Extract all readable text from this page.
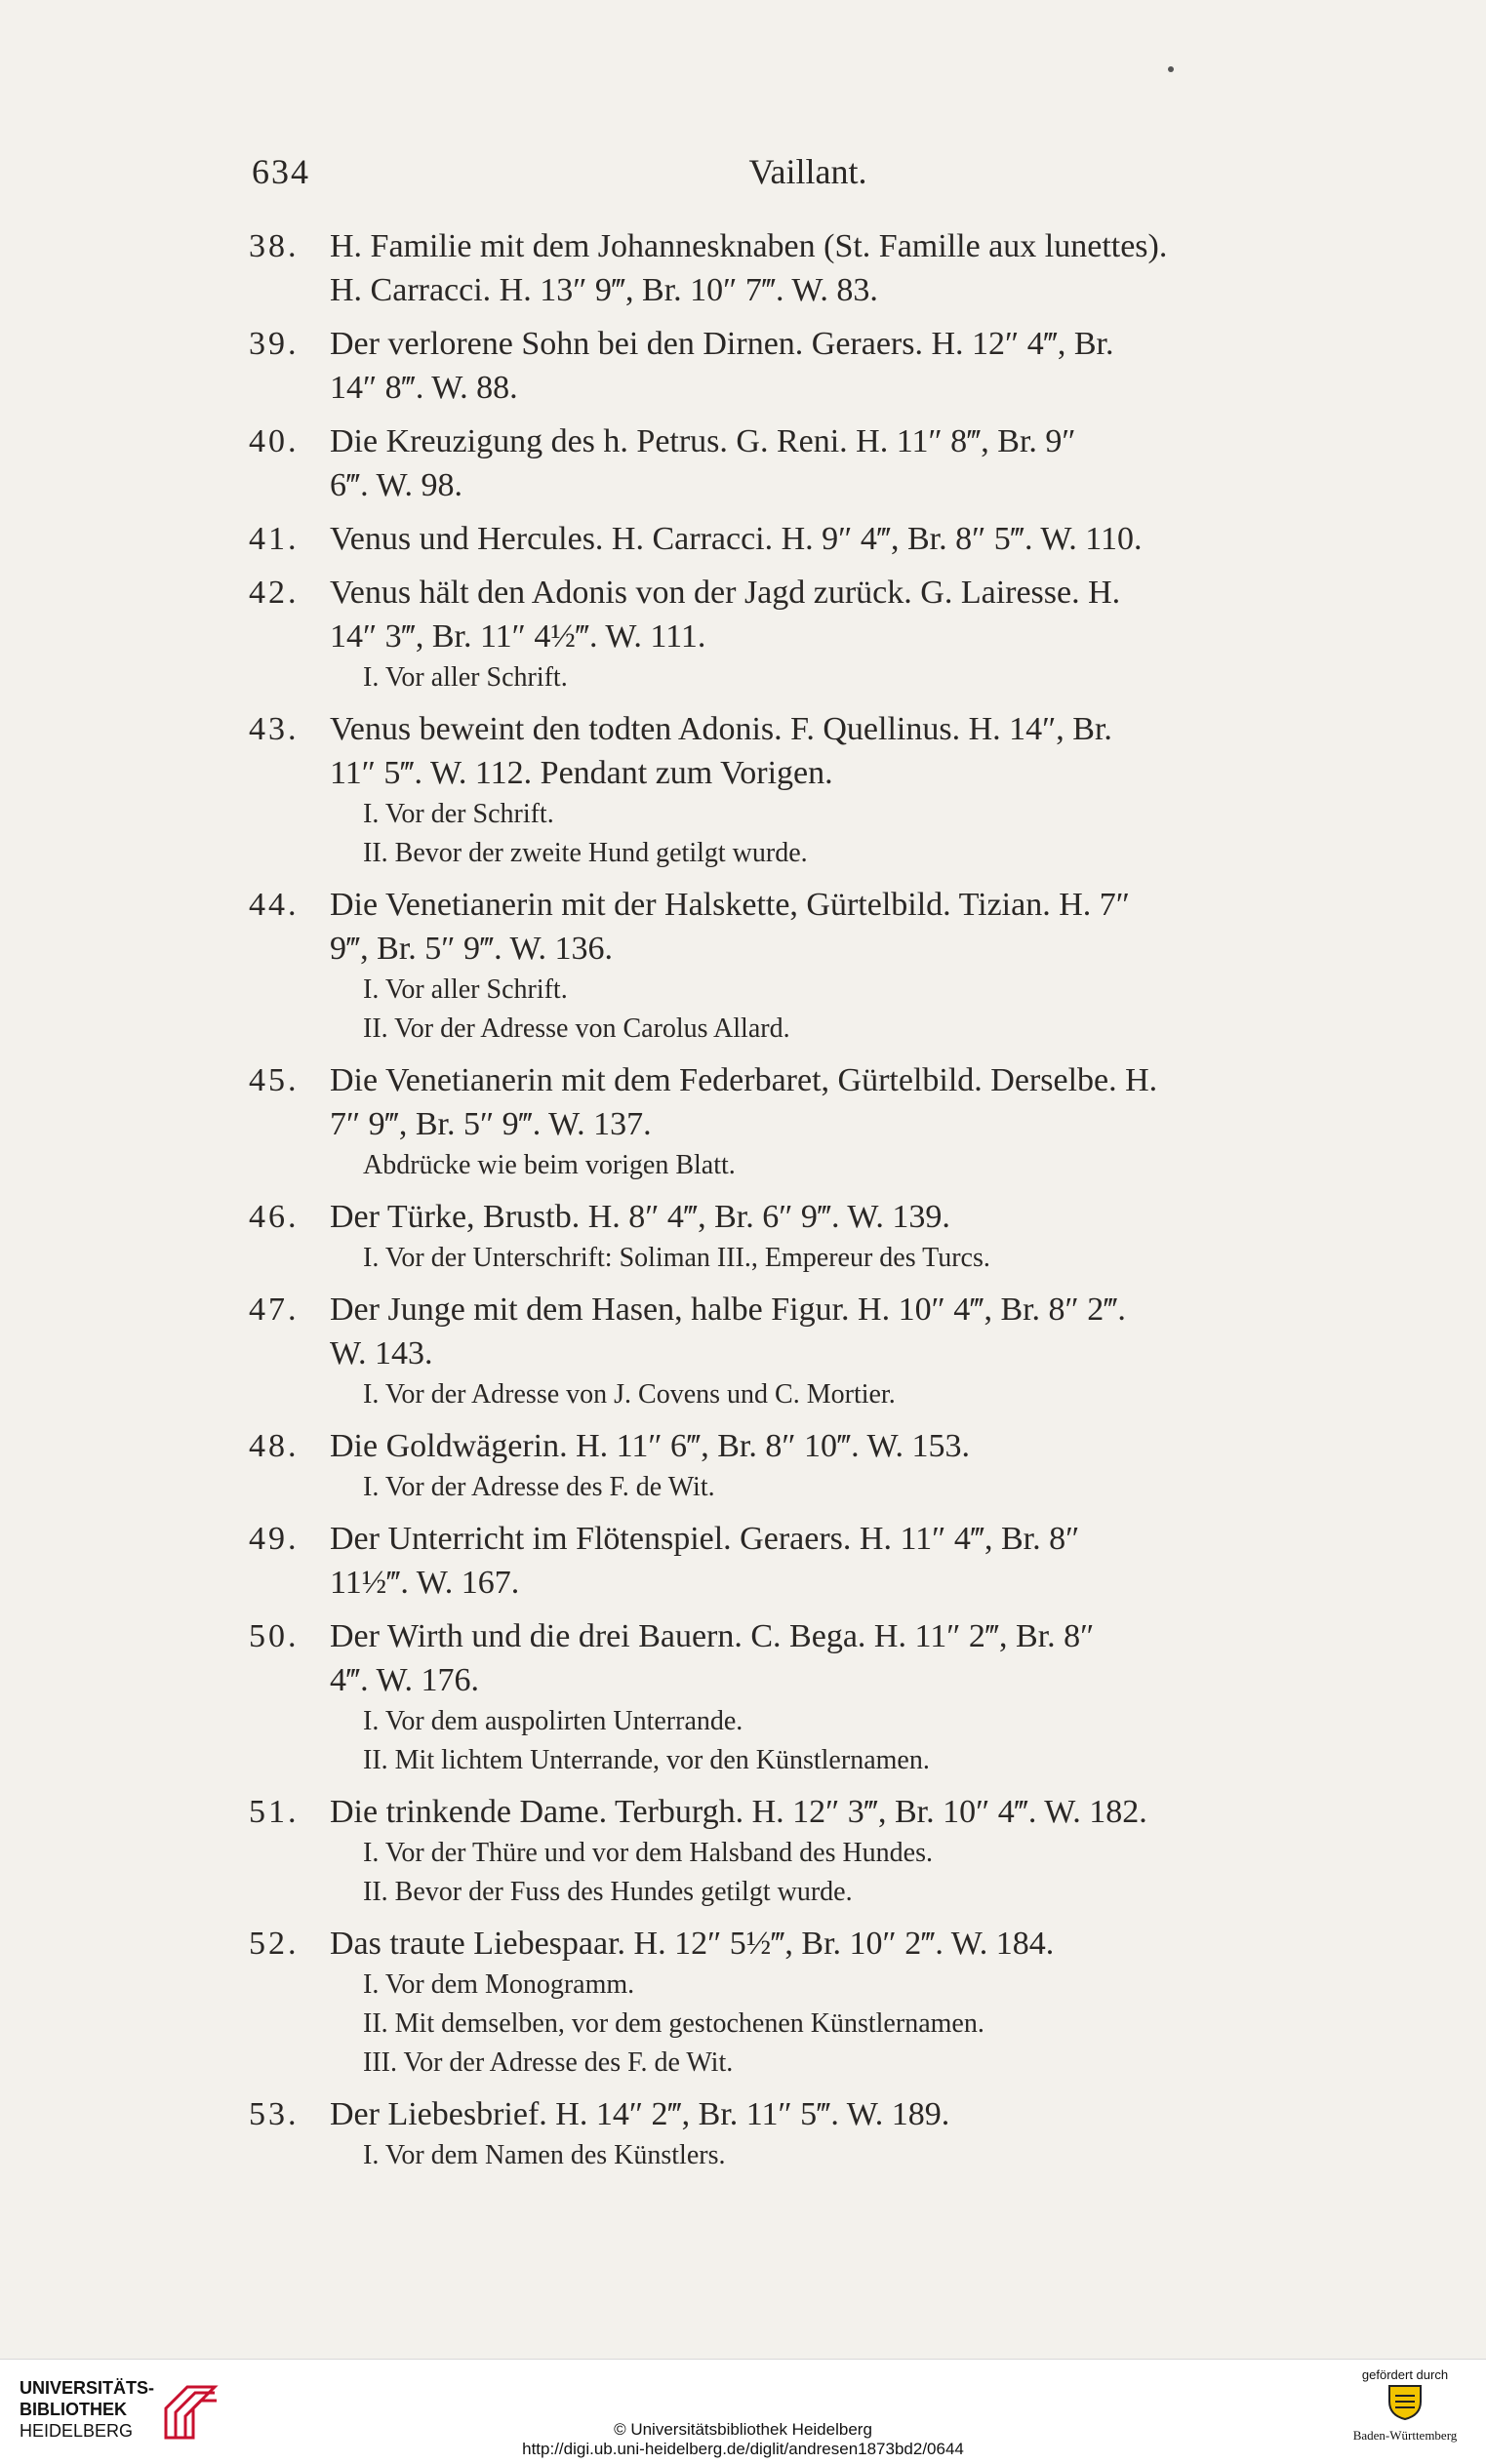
634	Vaillant.
38. H. Familie mit dem Johannesknaben (St. Famille aux lunettes).
H. Carracci. H. 13″ 9‴, Br. 10″ 7‴. W. 83.
39. Der verlorene Sohn bei den Dirnen. Geraers. H. 12″ 4‴, Br.
14″ 8‴. W. 88.
40. Die Kreuzigung des h. Petrus. G. Reni. H. 11″ 8‴, Br. 9″
6‴. W. 98.
41. Venus und Hercules. H. Carracci. H. 9″ 4‴, Br. 8″ 5‴. W. 110.
42. Venus hält den Adonis von der Jagd zurück. G. Lairesse. H.
14″ 3‴, Br. 11″ 4½‴. W. 111.
I. Vor aller Schrift.
43. Venus beweint den todten Adonis. F. Quellinus. H. 14″, Br.
11″ 5‴. W. 112. Pendant zum Vorigen.
I. Vor der Schrift.
II. Bevor der zweite Hund getilgt wurde.
44. Die Venetianerin mit der Halskette, Gürtelbild. Tizian. H. 7″
9‴, Br. 5″ 9‴. W. 136.
I. Vor aller Schrift.
II. Vor der Adresse von Carolus Allard.
45. Die Venetianerin mit dem Federbaret, Gürtelbild. Derselbe. H.
7″ 9‴, Br. 5″ 9‴. W. 137.
Abdrücke wie beim vorigen Blatt.
46. Der Türke, Brustb. H. 8″ 4‴, Br. 6″ 9‴. W. 139.
I. Vor der Unterschrift: Soliman III., Empereur des Turcs.
47. Der Junge mit dem Hasen, halbe Figur. H. 10″ 4‴, Br. 8″ 2‴.
W. 143.
I. Vor der Adresse von J. Covens und C. Mortier.
48. Die Goldwägerin. H. 11″ 6‴, Br. 8″ 10‴. W. 153.
I. Vor der Adresse des F. de Wit.
49. Der Unterricht im Flötenspiel. Geraers. H. 11″ 4‴, Br. 8″
11½‴. W. 167.
50. Der Wirth und die drei Bauern. C. Bega. H. 11″ 2‴, Br. 8″
4‴. W. 176.
I. Vor dem auspolirten Unterrande.
II. Mit lichtem Unterrande, vor den Künstlernamen.
51. Die trinkende Dame. Terburgh. H. 12″ 3‴, Br. 10″ 4‴. W. 182.
I. Vor der Thüre und vor dem Halsband des Hundes.
II. Bevor der Fuss des Hundes getilgt wurde.
52. Das traute Liebespaar. H. 12″ 5½‴, Br. 10″ 2‴. W. 184.
I. Vor dem Monogramm.
II. Mit demselben, vor dem gestochenen Künstlernamen.
III. Vor der Adresse des F. de Wit.
53. Der Liebesbrief. H. 14″ 2‴, Br. 11″ 5‴. W. 189.
I. Vor dem Namen des Künstlers.
UNIVERSITÄTS-
BIBLIOTHEK
HEIDELBERG	© Universitätsbibliothek Heidelberg
http://digi.ub.uni-heidelberg.de/diglit/andresen1873bd2/0644
gefördert durch
Baden-Württemberg
